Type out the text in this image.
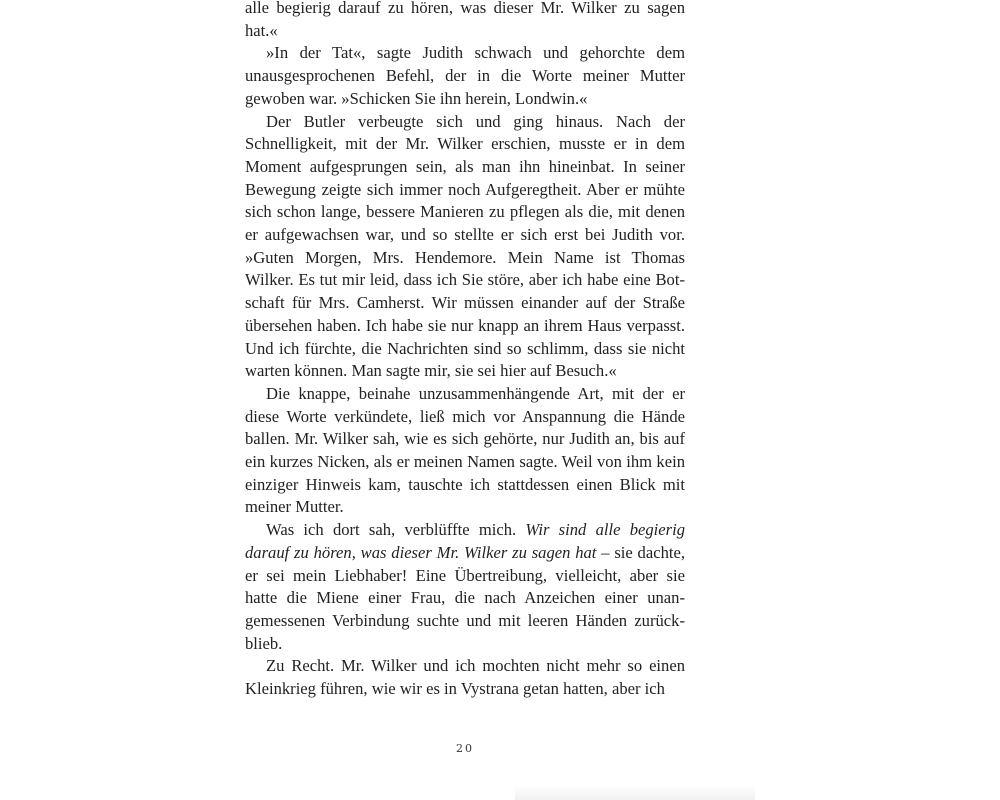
alle begierig darauf zu hören, was dieser Mr. Wilker zu sagen hat.«

»In der Tat«, sagte Judith schwach und gehorchte dem unausgesprochenen Befehl, der in die Worte meiner Mutter gewoben war. »Schicken Sie ihn herein, Londwin.«

Der Butler verbeugte sich und ging hinaus. Nach der Schnelligkeit, mit der Mr. Wilker erschien, musste er in dem Moment aufgesprungen sein, als man ihn hineinbat. In seiner Bewegung zeigte sich immer noch Aufgeregtheit. Aber er mühte sich schon lange, bessere Manieren zu pflegen als die, mit denen er aufgewachsen war, und so stellte er sich erst bei Judith vor. »Guten Morgen, Mrs. Hendemore. Mein Name ist Thomas Wilker. Es tut mir leid, dass ich Sie störe, aber ich habe eine Botschaft für Mrs. Camherst. Wir müssen einander auf der Straße übersehen haben. Ich habe sie nur knapp an ihrem Haus verpasst. Und ich fürchte, die Nachrichten sind so schlimm, dass sie nicht warten können. Man sagte mir, sie sei hier auf Besuch.«

Die knappe, beinahe unzusammenhängende Art, mit der er diese Worte verkündete, ließ mich vor Anspannung die Hände ballen. Mr. Wilker sah, wie es sich gehörte, nur Judith an, bis auf ein kurzes Nicken, als er meinen Namen sagte. Weil von ihm kein einziger Hinweis kam, tauschte ich stattdessen einen Blick mit meiner Mutter.

Was ich dort sah, verblüffte mich. Wir sind alle begierig darauf zu hören, was dieser Mr. Wilker zu sagen hat – sie dachte, er sei mein Liebhaber! Eine Übertreibung, vielleicht, aber sie hatte die Miene einer Frau, die nach Anzeichen einer unangemessenen Verbindung suchte und mit leeren Händen zurückblieb.

Zu Recht. Mr. Wilker und ich mochten nicht mehr so einen Kleinkrieg führen, wie wir es in Vystrana getan hatten, aber ich

20
